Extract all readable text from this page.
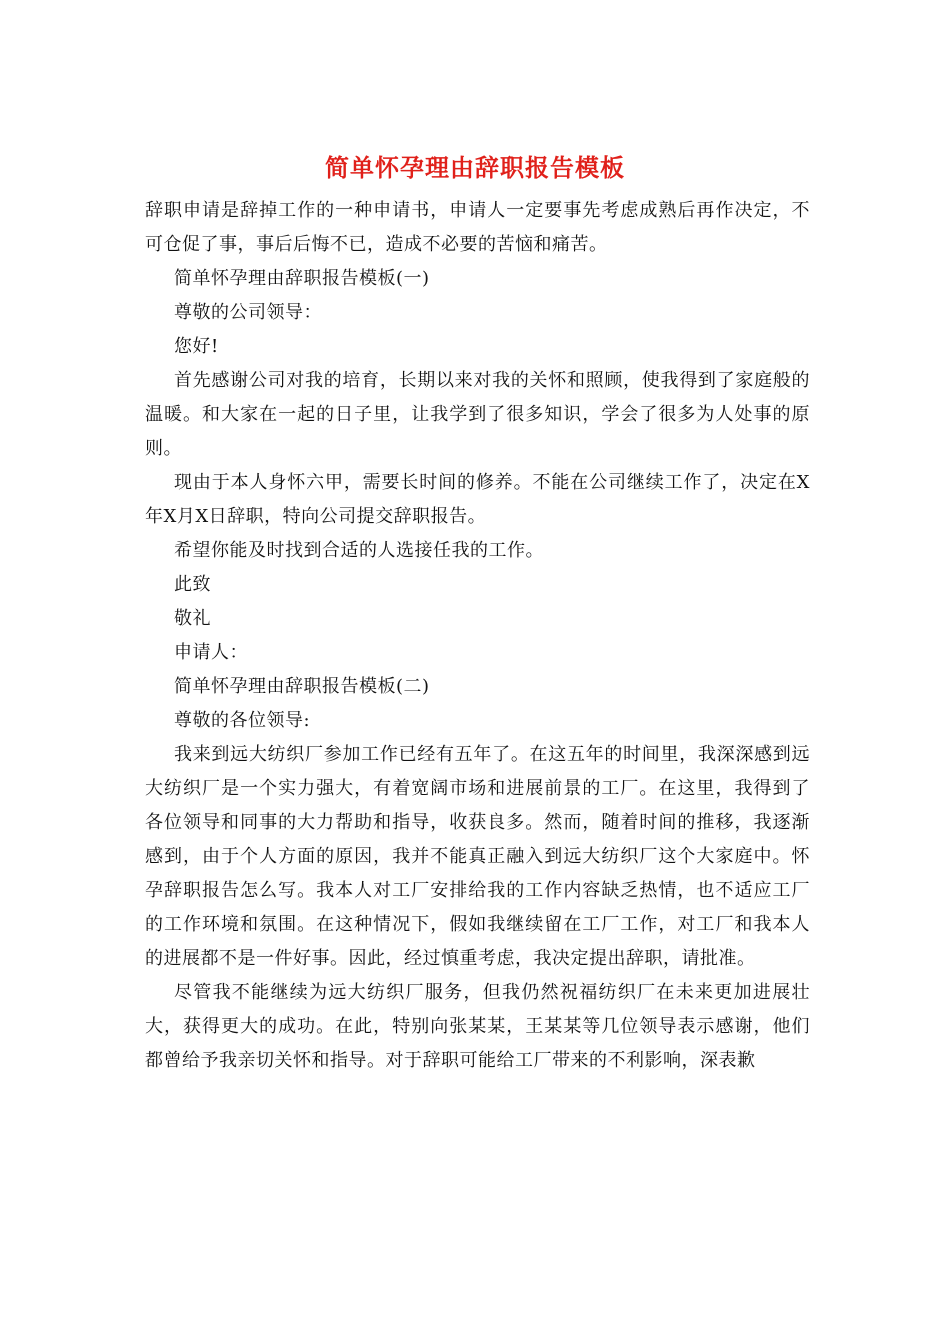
简单怀孕理由辞职报告模板

辞职申请是辞掉工作的一种申请书，申请人一定要事先考虑成熟后再作决定，不可仓促了事，事后后悔不已，造成不必要的苦恼和痛苦。

简单怀孕理由辞职报告模板(一)

尊敬的公司领导：

您好!

首先感谢公司对我的培育，长期以来对我的关怀和照顾，使我得到了家庭般的温暖。和大家在一起的日子里，让我学到了很多知识，学会了很多为人处事的原则。

现由于本人身怀六甲，需要长时间的修养。不能在公司继续工作了，决定在X年X月X日辞职，特向公司提交辞职报告。

希望你能及时找到合适的人选接任我的工作。

此致

敬礼

申请人：

简单怀孕理由辞职报告模板(二)

尊敬的各位领导:

我来到远大纺织厂参加工作已经有五年了。在这五年的时间里，我深深感到远大纺织厂是一个实力强大，有着宽阔市场和进展前景的工厂。在这里，我得到了各位领导和同事的大力帮助和指导，收获良多。然而，随着时间的推移，我逐渐感到，由于个人方面的原因，我并不能真正融入到远大纺织厂这个大家庭中。怀孕辞职报告怎么写。我本人对工厂安排给我的工作内容缺乏热情，也不适应工厂的工作环境和氛围。在这种情况下，假如我继续留在工厂工作，对工厂和我本人的进展都不是一件好事。因此，经过慎重考虑，我决定提出辞职，请批准。

尽管我不能继续为远大纺织厂服务，但我仍然祝福纺织厂在未来更加进展壮大，获得更大的成功。在此，特别向张某某，王某某等几位领导表示感谢，他们都曾给予我亲切关怀和指导。对于辞职可能给工厂带来的不利影响，深表歉
